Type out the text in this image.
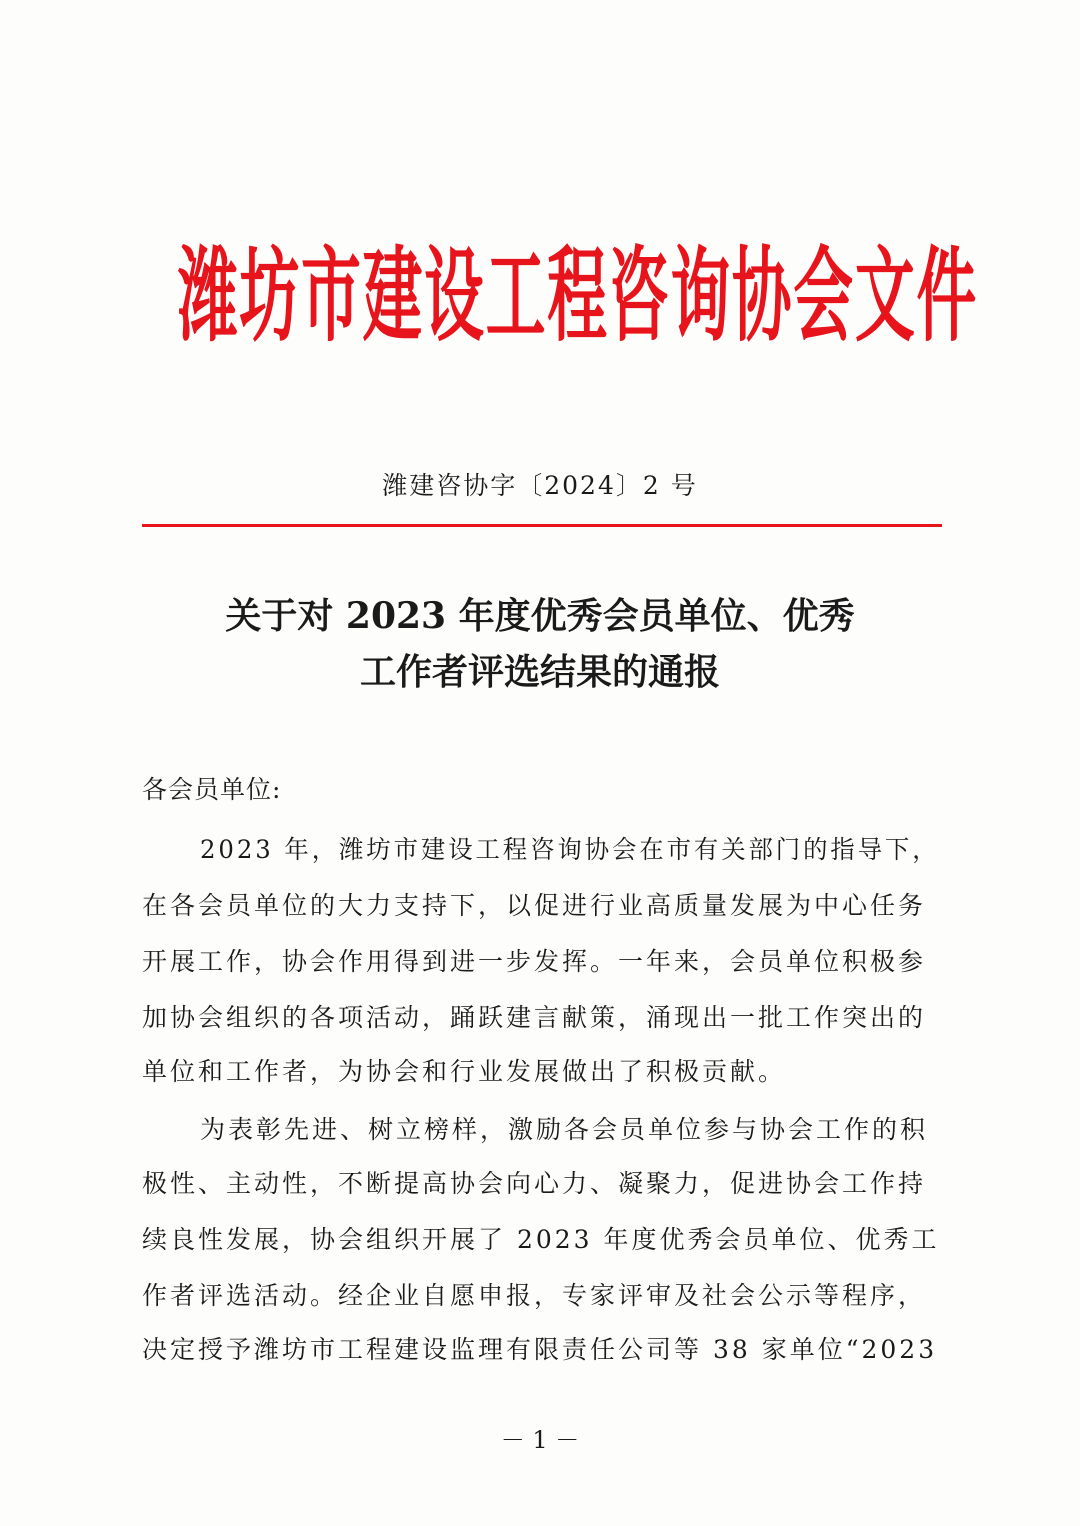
潍坊市建设工程咨询协会文件
潍建咨协字〔2024〕2 号
关于对 2023 年度优秀会员单位、优秀
工作者评选结果的通报
各会员单位:
2023 年，潍坊市建设工程咨询协会在市有关部门的指导下，
在各会员单位的大力支持下，以促进行业高质量发展为中心任务
开展工作，协会作用得到进一步发挥。一年来，会员单位积极参
加协会组织的各项活动，踊跃建言献策，涌现出一批工作突出的
单位和工作者，为协会和行业发展做出了积极贡献。
为表彰先进、树立榜样，激励各会员单位参与协会工作的积
极性、主动性，不断提高协会向心力、凝聚力，促进协会工作持
续良性发展，协会组织开展了 2023 年度优秀会员单位、优秀工
作者评选活动。经企业自愿申报，专家评审及社会公示等程序，
决定授予潍坊市工程建设监理有限责任公司等 38 家单位“2023
－ 1 －
